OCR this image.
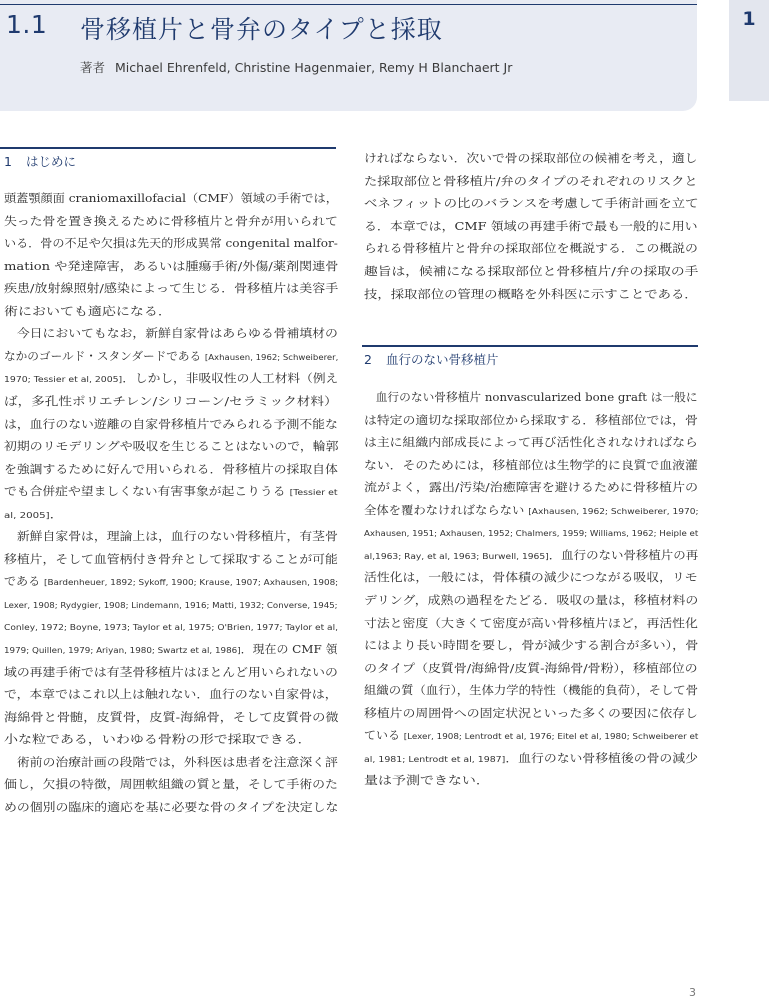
1.1 骨移植片と骨弁のタイプと採取
著者 Michael Ehrenfeld, Christine Hagenmaier, Remy H Blanchaert Jr
1
1 はじめに
2 血行のない骨移植片
頭蓋顎顔面 craniomaxillofacial（CMF）領域の手術では，
失った骨を置き換えるために骨移植片と骨弁が用いられて
いる．骨の不足や欠損は先天的形成異常 congenital malfor-
mation や発達障害，あるいは腫瘍手術/外傷/薬剤関連骨
疾患/放射線照射/感染によって生じる．骨移植片は美容手
術においても適応になる．
　今日においてもなお，新鮮自家骨はあらゆる骨補填材の
なかのゴールド・スタンダードである [Axhausen, 1962; Schweiberer,
1970; Tessier et al, 2005]．しかし，非吸収性の人工材料（例え
ば，多孔性ポリエチレン/シリコーン/セラミック材料）
は，血行のない遊離の自家骨移植片でみられる予測不能な
初期のリモデリングや吸収を生じることはないので，輪郭
を強調するために好んで用いられる．骨移植片の採取自体
でも合併症や望ましくない有害事象が起こりうる [Tessier et
al, 2005]．
　新鮮自家骨は，理論上は，血行のない骨移植片，有茎骨
移植片，そして血管柄付き骨弁として採取することが可能
である [Bardenheuer, 1892; Sykoff, 1900; Krause, 1907; Axhausen, 1908;
Lexer, 1908; Rydygier, 1908; Lindemann, 1916; Matti, 1932; Converse, 1945;
Conley, 1972; Boyne, 1973; Taylor et al, 1975; O'Brien, 1977; Taylor et al,
1979; Quillen, 1979; Ariyan, 1980; Swartz et al, 1986]．現在の CMF 領
域の再建手術では有茎骨移植片はほとんど用いられないの
で，本章ではこれ以上は触れない．血行のない自家骨は，
海綿骨と骨髄，皮質骨，皮質-海綿骨，そして皮質骨の微
小な粒である，いわゆる骨粉の形で採取できる．
　術前の治療計画の段階では，外科医は患者を注意深く評
価し，欠損の特徴，周囲軟組織の質と量，そして手術のた
めの個別の臨床的適応を基に必要な骨のタイプを決定しな
ければならない．次いで骨の採取部位の候補を考え，適し
た採取部位と骨移植片/弁のタイプのそれぞれのリスクと
ベネフィットの比のバランスを考慮して手術計画を立て
る．本章では，CMF 領域の再建手術で最も一般的に用い
られる骨移植片と骨弁の採取部位を概説する．この概説の
趣旨は，候補になる採取部位と骨移植片/弁の採取の手
技，採取部位の管理の概略を外科医に示すことである．
　血行のない骨移植片 nonvascularized bone graft は一般に
は特定の適切な採取部位から採取する．移植部位では，骨
は主に組織内部成長によって再び活性化されなければなら
ない．そのためには，移植部位は生物学的に良質で血液灌
流がよく，露出/汚染/治癒障害を避けるために骨移植片の
全体を覆わなければならない [Axhausen, 1962; Schweiberer, 1970;
Axhausen, 1951; Axhausen, 1952; Chalmers, 1959; Williams, 1962; Heiple et
al,1963; Ray, et al, 1963; Burwell, 1965]．血行のない骨移植片の再
活性化は，一般には，骨体積の減少につながる吸収，リモ
デリング，成熟の過程をたどる．吸収の量は，移植材料の
寸法と密度（大きくて密度が高い骨移植片ほど，再活性化
にはより長い時間を要し，骨が減少する割合が多い），骨
のタイプ（皮質骨/海綿骨/皮質-海綿骨/骨粉），移植部位の
組織の質（血行），生体力学的特性（機能的負荷），そして骨
移植片の周囲骨への固定状況といった多くの要因に依存し
ている [Lexer, 1908; Lentrodt et al, 1976; Eitel et al, 1980; Schweiberer et
al, 1981; Lentrodt et al, 1987]．血行のない骨移植後の骨の減少
量は予測できない．
3
